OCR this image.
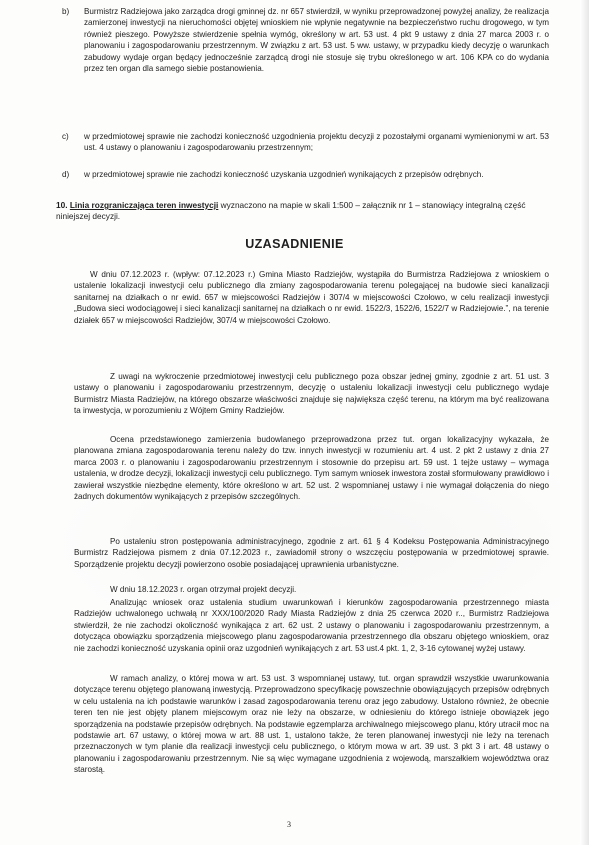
b) Burmistrz Radziejowa jako zarządca drogi gminnej dz. nr 657 stwierdził, w wyniku przeprowadzonej powyżej analizy, że realizacja zamierzonej inwestycji na nieruchomości objętej wnioskiem nie wpłynie negatywnie na bezpieczeństwo ruchu drogowego, w tym również pieszego. Powyższe stwierdzenie spełnia wymóg, określony w art. 53 ust. 4 pkt 9 ustawy z dnia 27 marca 2003 r. o planowaniu i zagospodarowaniu przestrzennym. W związku z art. 53 ust. 5 ww. ustawy, w przypadku kiedy decyzję o warunkach zabudowy wydaje organ będący jednocześnie zarządcą drogi nie stosuje się trybu określonego w art. 106 KPA co do wydania przez ten organ dla samego siebie postanowienia.

c) w przedmiotowej sprawie nie zachodzi konieczność uzgodnienia projektu decyzji z pozostałymi organami wymienionymi w art. 53 ust. 4 ustawy o planowaniu i zagospodarowaniu przestrzennym;

d) w przedmiotowej sprawie nie zachodzi konieczność uzyskania uzgodnień wynikających z przepisów odrębnych.

10. Linia rozgraniczająca teren inwestycji wyznaczono na mapie w skali 1:500 – załącznik nr 1 – stanowiący integralną część niniejszej decyzji.

UZASADNIENIE

W dniu 07.12.2023 r. (wpływ: 07.12.2023 r.) Gmina Miasto Radziejów, wystąpiła do Burmistrza Radziejowa z wnioskiem o ustalenie lokalizacji inwestycji celu publicznego dla zmiany zagospodarowania terenu polegającej na budowie sieci kanalizacji sanitarnej na działkach o nr ewid. 657 w miejscowości Radziejów i 307/4 w miejscowości Czołowo, w celu realizacji inwestycji „Budowa sieci wodociągowej i sieci kanalizacji sanitarnej na działkach o nr ewid. 1522/3, 1522/6, 1522/7 w Radziejowie.”, na terenie działek 657 w miejscowości Radziejów, 307/4 w miejscowości Czołowo.

Z uwagi na wykroczenie przedmiotowej inwestycji celu publicznego poza obszar jednej gminy, zgodnie z art. 51 ust. 3 ustawy o planowaniu i zagospodarowaniu przestrzennym, decyzję o ustaleniu lokalizacji inwestycji celu publicznego wydaje Burmistrz Miasta Radziejów, na którego obszarze właściwości znajduje się największa część terenu, na którym ma być realizowana ta inwestycja, w porozumieniu z Wójtem Gminy Radziejów.

Ocena przedstawionego zamierzenia budowlanego przeprowadzona przez tut. organ lokalizacyjny wykazała, że planowana zmiana zagospodarowania terenu należy do tzw. innych inwestycji w rozumieniu art. 4 ust. 2 pkt 2 ustawy z dnia 27 marca 2003 r. o planowaniu i zagospodarowaniu przestrzennym i stosownie do przepisu art. 59 ust. 1 tejże ustawy – wymaga ustalenia, w drodze decyzji, lokalizacji inwestycji celu publicznego. Tym samym wniosek inwestora został sformułowany prawidłowo i zawierał wszystkie niezbędne elementy, które określono w art. 52 ust. 2 wspomnianej ustawy i nie wymagał dołączenia do niego żadnych dokumentów wynikających z przepisów szczególnych.

Po ustaleniu stron postępowania administracyjnego, zgodnie z art. 61 § 4 Kodeksu Postępowania Administracyjnego Burmistrz Radziejowa pismem z dnia 07.12.2023 r., zawiadomił strony o wszczęciu postępowania w przedmiotowej sprawie. Sporządzenie projektu decyzji powierzono osobie posiadającej uprawnienia urbanistyczne.

W dniu 18.12.2023 r. organ otrzymał projekt decyzji.

Analizując wniosek oraz ustalenia studium uwarunkowań i kierunków zagospodarowania przestrzennego miasta Radziejów uchwalonego uchwałą nr XXX/100/2020 Rady Miasta Radziejów z dnia 25 czerwca 2020 r.., Burmistrz Radziejowa stwierdził, że nie zachodzi okoliczność wynikająca z art. 62 ust. 2 ustawy o planowaniu i zagospodarowaniu przestrzennym, a dotycząca obowiązku sporządzenia miejscowego planu zagospodarowania przestrzennego dla obszaru objętego wnioskiem, oraz nie zachodzi konieczność uzyskania opinii oraz uzgodnień wynikających z art. 53 ust.4 pkt. 1, 2, 3-16 cytowanej wyżej ustawy.

W ramach analizy, o której mowa w art. 53 ust. 3 wspomnianej ustawy, tut. organ sprawdził wszystkie uwarunkowania dotyczące terenu objętego planowaną inwestycją. Przeprowadzono specyfikację powszechnie obowiązujących przepisów odrębnych w celu ustalenia na ich podstawie warunków i zasad zagospodarowania terenu oraz jego zabudowy. Ustalono również, że obecnie teren ten nie jest objęty planem miejscowym oraz nie leży na obszarze, w odniesieniu do którego istnieje obowiązek jego sporządzenia na podstawie przepisów odrębnych. Na podstawie egzemplarza archiwalnego miejscowego planu, który utracił moc na podstawie art. 67 ustawy, o której mowa w art. 88 ust. 1, ustalono także, że teren planowanej inwestycji nie leży na terenach przeznaczonych w tym planie dla realizacji inwestycji celu publicznego, o którym mowa w art. 39 ust. 3 pkt 3 i art. 48 ustawy o planowaniu i zagospodarowaniu przestrzennym. Nie są więc wymagane uzgodnienia z wojewodą, marszałkiem województwa oraz starostą.

3
